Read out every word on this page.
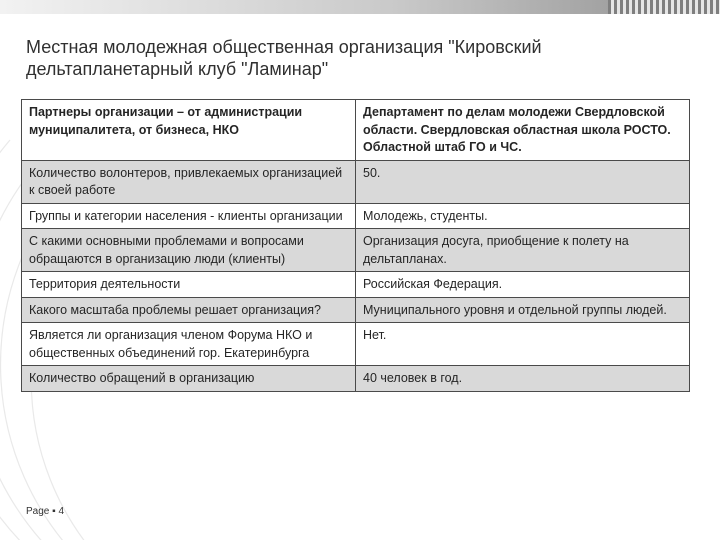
Местная молодежная общественная организация "Кировский
дельтапланетарный клуб "Ламинар"
Партнеры организации – от администрации муниципалитета, от бизнеса, НКО	Департамент по делам молодежи Свердловской области. Свердловская областная школа РОСТО. Областной штаб ГО и ЧС.
Количество волонтеров, привлекаемых организацией к своей работе	50.
Группы и категории населения - клиенты организации	Молодежь, студенты.
С какими основными проблемами и вопросами обращаются в организацию люди (клиенты)	Организация досуга, приобщение к полету на дельтапланах.
Территория деятельности	Российская Федерация.
Какого масштаба проблемы решает организация?	Муниципального уровня и отдельной группы людей.
Является ли организация членом Форума НКО и общественных объединений гор. Екатеринбурга	Нет.
Количество обращений в организацию	40 человек в год.
Page ▪ 4
